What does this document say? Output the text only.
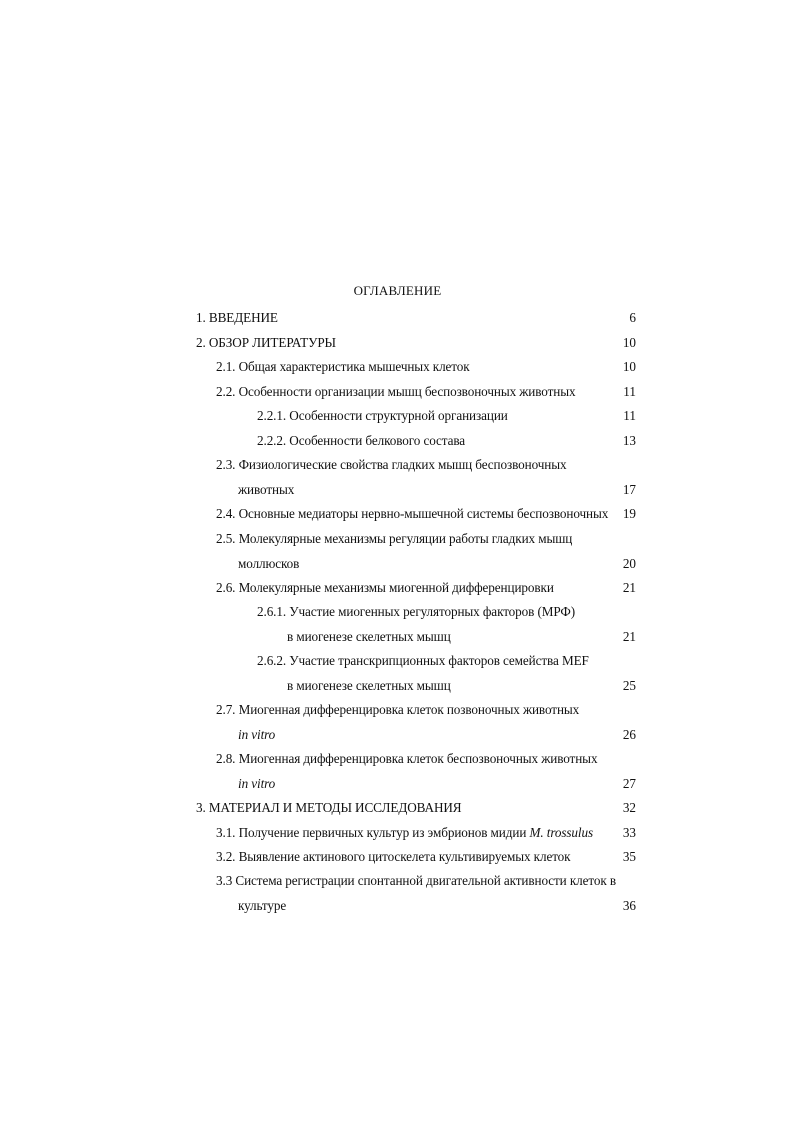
ОГЛАВЛЕНИЕ
1. ВВЕДЕНИЕ	6
2. ОБЗОР ЛИТЕРАТУРЫ	10
2.1. Общая характеристика мышечных клеток	10
2.2. Особенности организации мышц беспозвоночных животных	11
2.2.1. Особенности структурной организации	11
2.2.2. Особенности белкового состава	13
2.3. Физиологические свойства гладких мышц беспозвоночных
животных	17
2.4. Основные медиаторы нервно-мышечной системы беспозвоночных 19
2.5. Молекулярные механизмы регуляции работы гладких мышц
моллюсков	20
2.6. Молекулярные механизмы миогенной дифференцировки	21
2.6.1. Участие миогенных регуляторных факторов (МРФ)
в миогенезе скелетных мышц	21
2.6.2. Участие транскрипционных факторов семейства MEF
в миогенезе скелетных мышц	25
2.7. Миогенная дифференцировка клеток позвоночных животных
in vitro	26
2.8. Миогенная дифференцировка клеток беспозвоночных животных
in vitro	27
3. МАТЕРИАЛ И МЕТОДЫ ИССЛЕДОВАНИЯ	32
3.1. Получение первичных культур из эмбрионов мидии M. trossulus 33
3.2. Выявление актинового цитоскелета культивируемых клеток	35
3.3 Система регистрации спонтанной двигательной активности клеток в
культуре	36
